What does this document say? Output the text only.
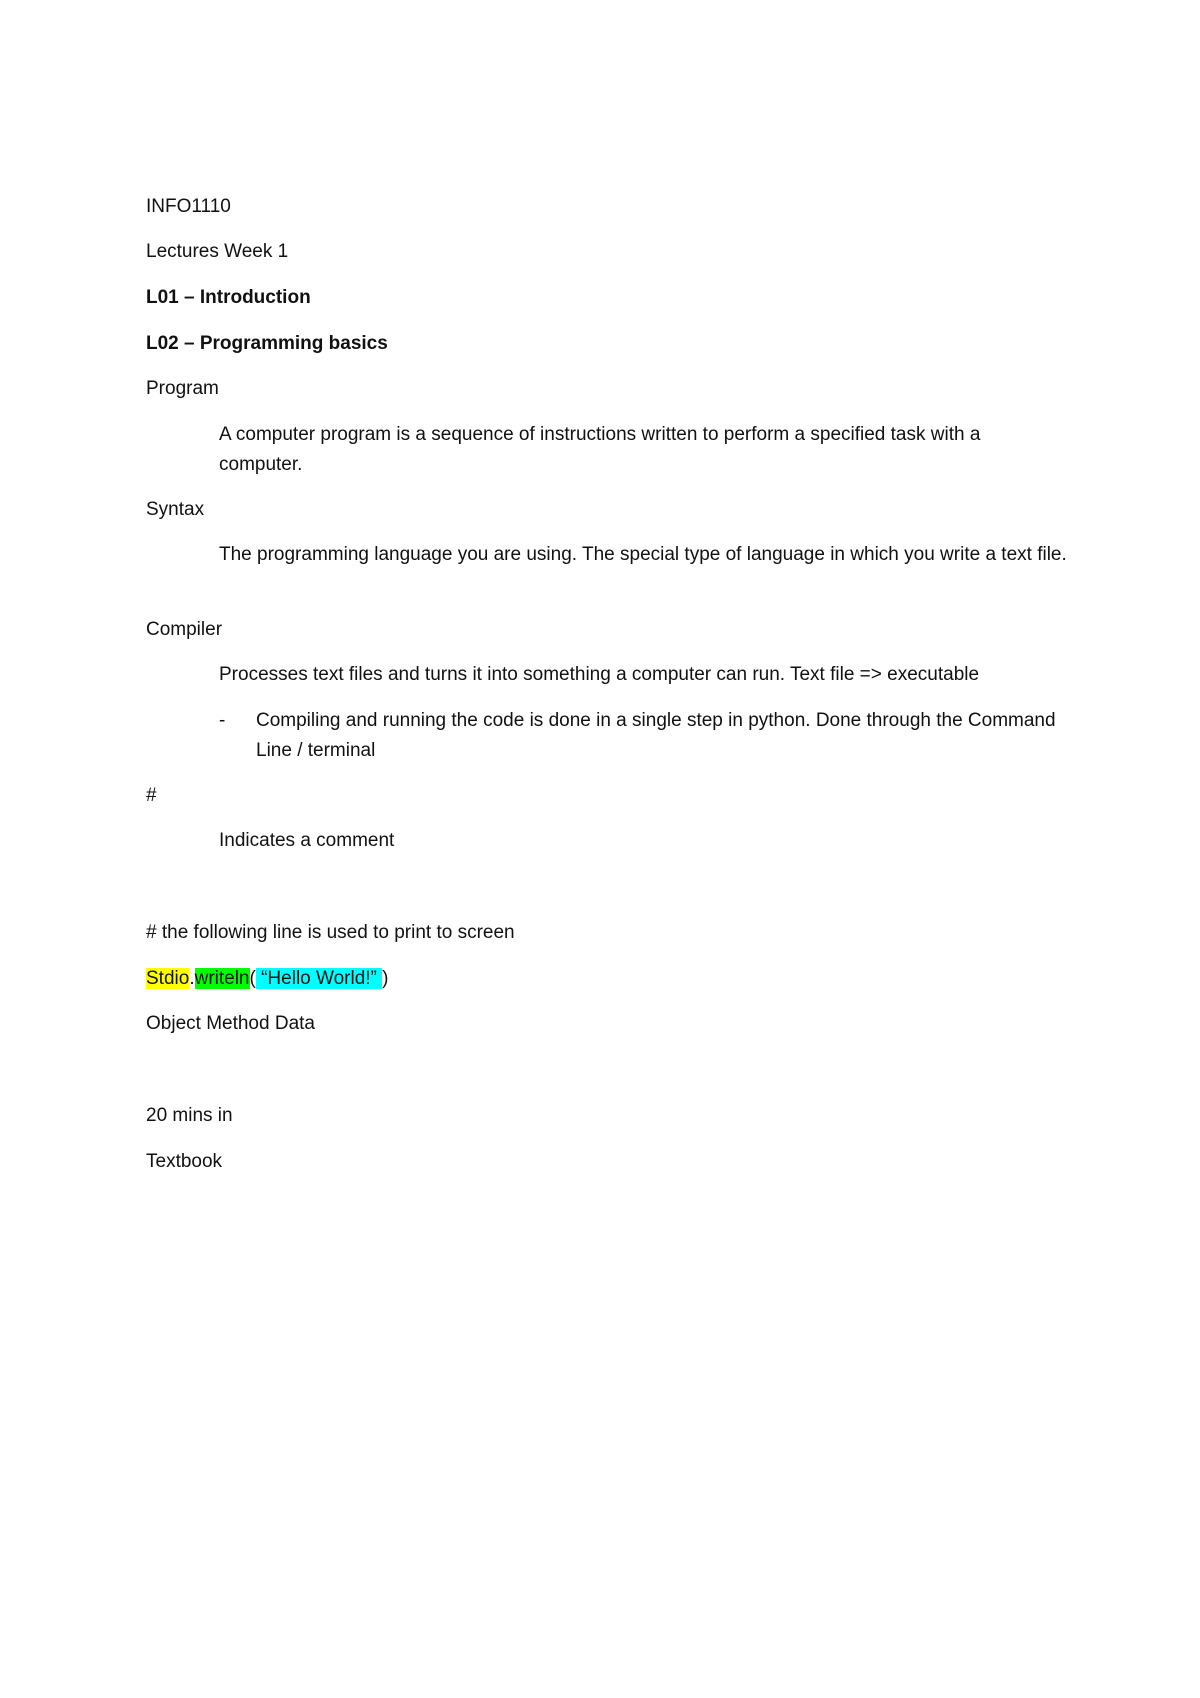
INFO1110
Lectures Week 1
L01 – Introduction
L02 – Programming basics
Program
A computer program is a sequence of instructions written to perform a specified task with a computer.
Syntax
The programming language you are using. The special type of language in which you write a text file.
Compiler
Processes text files and turns it into something a computer can run. Text file => executable
- Compiling and running the code is done in a single step in python. Done through the Command Line / terminal
#
Indicates a comment
# the following line is used to print to screen
Stdio.writeln( “Hello World!” )
Object Method Data
20 mins in
Textbook
